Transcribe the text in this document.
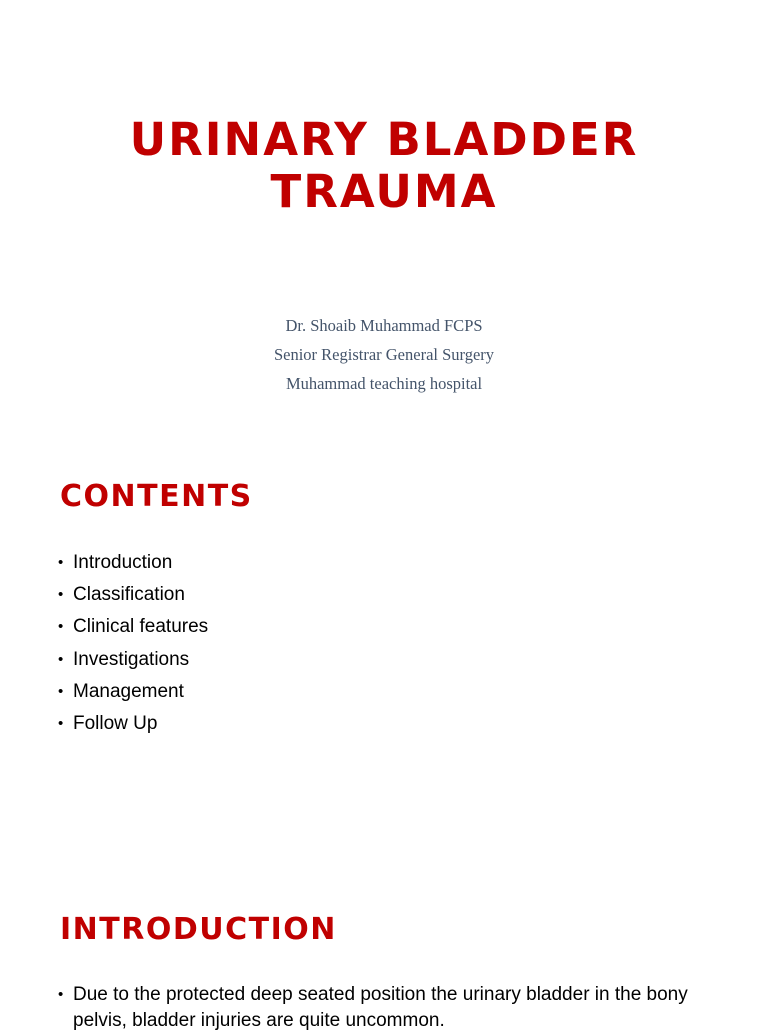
URINARY BLADDER
TRAUMA
Dr. Shoaib Muhammad FCPS
Senior Registrar General Surgery
Muhammad teaching hospital
CONTENTS
• Introduction
• Classification
• Clinical features
• Investigations
• Management
• Follow Up
INTRODUCTION
• Due to the protected deep seated position the urinary bladder in the bony pelvis, bladder injuries are quite uncommon.
